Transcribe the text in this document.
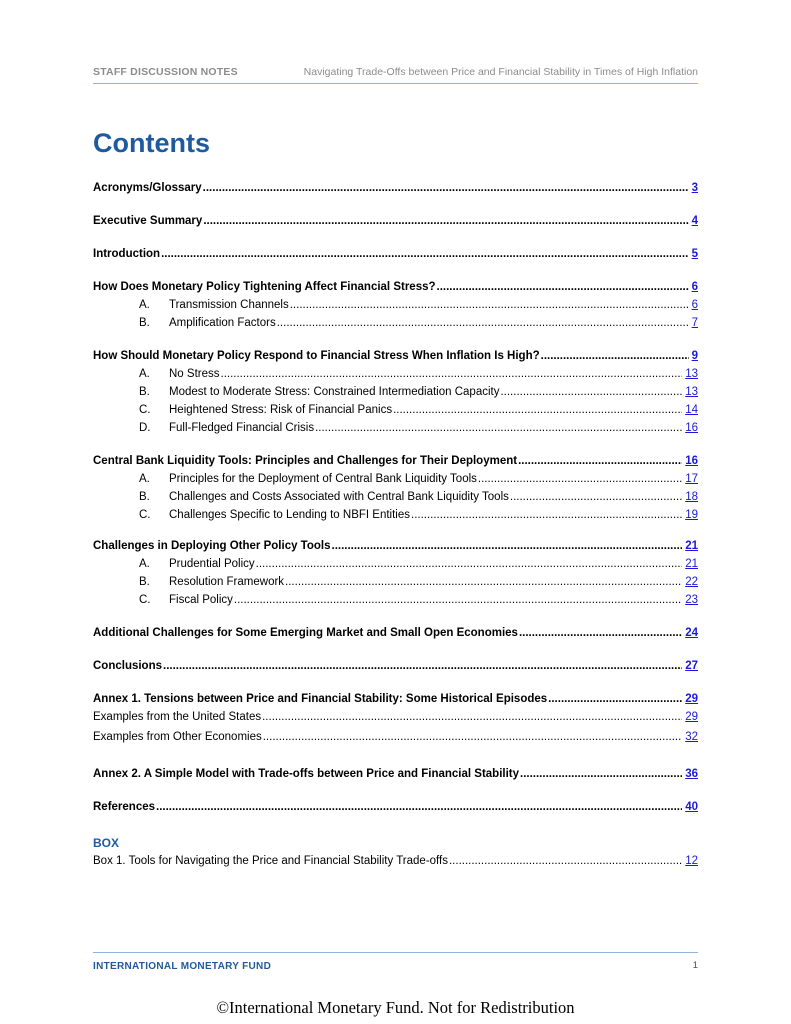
STAFF DISCUSSION NOTES	Navigating Trade-Offs between Price and Financial Stability in Times of High Inflation
Contents
Acronyms/Glossary .....	3
Executive Summary .....	4
Introduction .....	5
How Does Monetary Policy Tightening Affect Financial Stress? .....	6
A.	Transmission Channels .....	6
B.	Amplification Factors .....	7
How Should Monetary Policy Respond to Financial Stress When Inflation Is High? .....	9
A.	No Stress .....	13
B.	Modest to Moderate Stress: Constrained Intermediation Capacity .....	13
C.	Heightened Stress: Risk of Financial Panics .....	14
D.	Full-Fledged Financial Crisis .....	16
Central Bank Liquidity Tools: Principles and Challenges for Their Deployment .....	16
A.	Principles for the Deployment of Central Bank Liquidity Tools .....	17
B.	Challenges and Costs Associated with Central Bank Liquidity Tools .....	18
C.	Challenges Specific to Lending to NBFI Entities .....	19
Challenges in Deploying Other Policy Tools .....	21
A.	Prudential Policy .....	21
B.	Resolution Framework .....	22
C.	Fiscal Policy .....	23
Additional Challenges for Some Emerging Market and Small Open Economies .....	24
Conclusions .....	27
Annex 1. Tensions between Price and Financial Stability: Some Historical Episodes .....	29
Examples from the United States .....	29
Examples from Other Economies .....	32
Annex 2. A Simple Model with Trade-offs between Price and Financial Stability .....	36
References .....	40
BOX
Box 1. Tools for Navigating the Price and Financial Stability Trade-offs .....	12
INTERNATIONAL MONETARY FUND	1
©International Monetary Fund. Not for Redistribution
